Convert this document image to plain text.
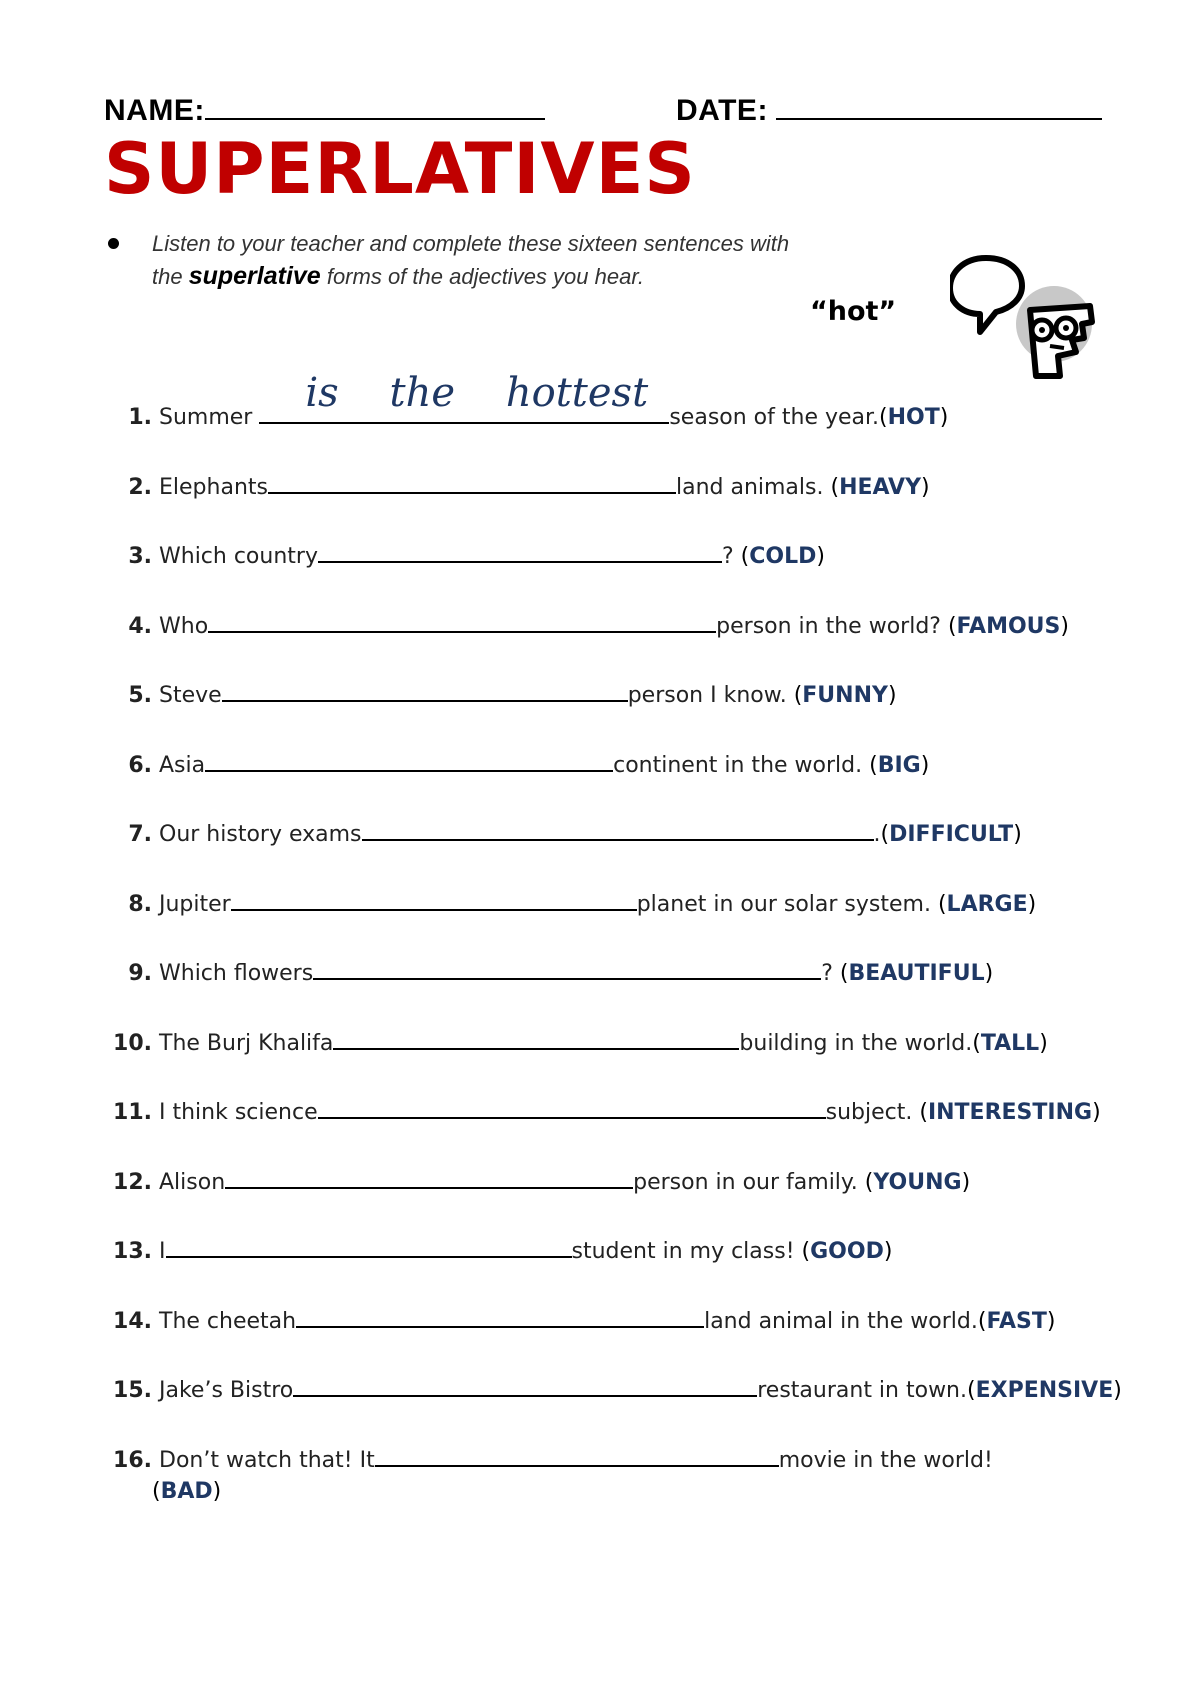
NAME:	DATE:
SUPERLATIVES
Listen to your teacher and complete these sixteen sentences with
the superlative forms of the adjectives you hear.
“hot”
1. Summer
is    the    hottest
season of the year.(HOT)
2. Elephants	land animals. (HEAVY)
3. Which country	? (COLD)
4. Who	person in the world? (FAMOUS)
5. Steve	person I know. (FUNNY)
6. Asia	continent in the world. (BIG)
7. Our history exams	.(DIFFICULT)
8. Jupiter	planet in our solar system. (LARGE)
9. Which flowers	? (BEAUTIFUL)
10. The Burj Khalifa	building in the world.(TALL)
11. I think science	subject. (INTERESTING)
12. Alison	person in our family. (YOUNG)
13. I	student in my class! (GOOD)
14. The cheetah	land animal in the world.(FAST)
15. Jake’s Bistro	restaurant in town.(EXPENSIVE)
16. Don’t watch that! It	movie in the world!
(BAD)
